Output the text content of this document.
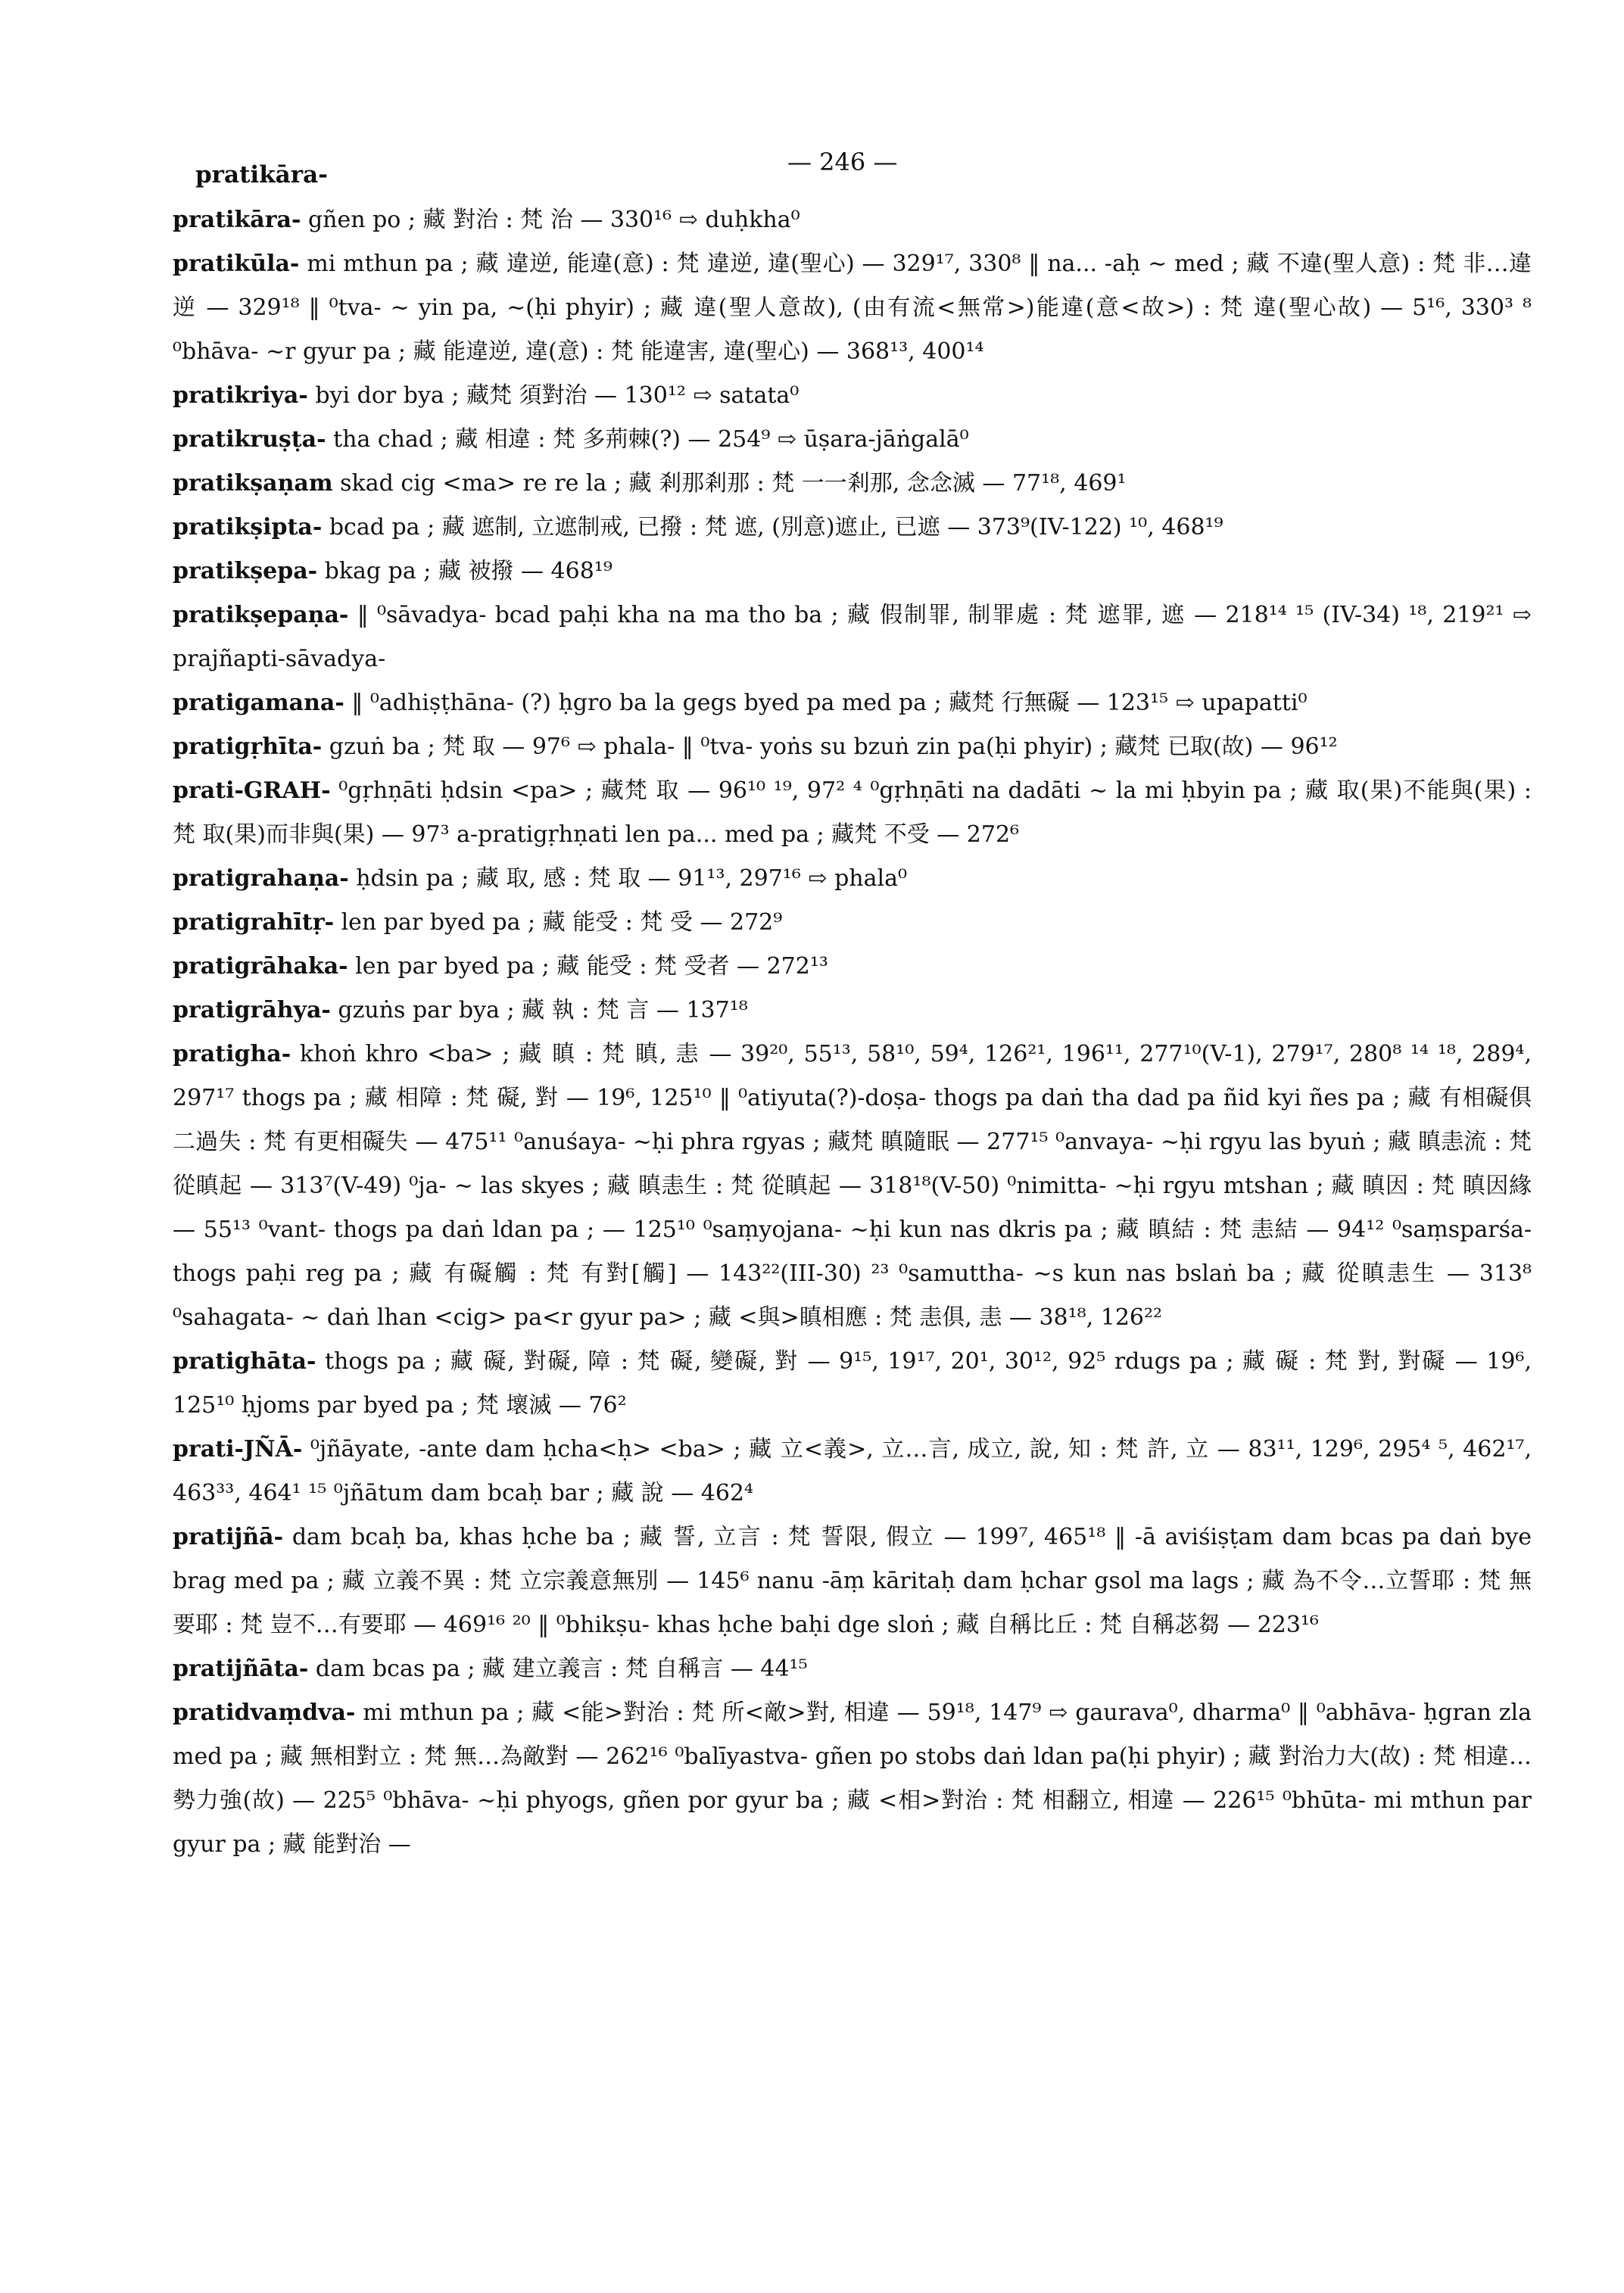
pratikāra-	— 246 —
pratikāra- gñen po ; 藏 對治 : 梵 治 — 330¹⁶ ⇨ duḥkha⁰
pratikūla- mi mthun pa ; 藏 違逆, 能違(意) : 梵 違逆, 違(聖心) — 329¹⁷, 330⁸ ‖ na... -aḥ ~ med ; 藏 不違(聖人意) : 梵 非…違逆 — 329¹⁸ ‖ ⁰tva- ~ yin pa, ~(ḥi phyir) ; 藏 違(聖人意故), (由有流<無常>)能違(意<故>) : 梵 違(聖心故) — 5¹⁶, 330³ ⁸ ⁰bhāva- ~r gyur pa ; 藏 能違逆, 違(意) : 梵 能違害, 違(聖心) — 368¹³, 400¹⁴
pratikriya- byi dor bya ; 藏梵 須對治 — 130¹² ⇨ satata⁰
pratikruṣṭa- tha chad ; 藏 相違 : 梵 多荊棘(?) — 254⁹ ⇨ ūṣara-jāṅgalā⁰
pratikṣaṇam skad cig <ma> re re la ; 藏 剎那剎那 : 梵 一一剎那, 念念滅 — 77¹⁸, 469¹
pratikṣipta- bcad pa ; 藏 遮制, 立遮制戒, 已撥 : 梵 遮, (別意)遮止, 已遮 — 373⁹(IV-122) ¹⁰, 468¹⁹
pratikṣepa- bkag pa ; 藏 被撥 — 468¹⁹
pratikṣepaṇa- ‖ ⁰sāvadya- bcad paḥi kha na ma tho ba ; 藏 假制罪, 制罪處 : 梵 遮罪, 遮 — 218¹⁴ ¹⁵ (IV-34) ¹⁸, 219²¹ ⇨ prajñapti-sāvadya-
pratigamana- ‖ ⁰adhiṣṭhāna- (?) ḥgro ba la gegs byed pa med pa ; 藏梵 行無礙 — 123¹⁵ ⇨ upapatti⁰
pratigṛhīta- gzuṅ ba ; 梵 取 — 97⁶ ⇨ phala- ‖ ⁰tva- yoṅs su bzuṅ zin pa(ḥi phyir) ; 藏梵 已取(故) — 96¹²
prati-GRAH- ⁰gṛhṇāti ḥdsin <pa> ; 藏梵 取 — 96¹⁰ ¹⁹, 97² ⁴ ⁰gṛhṇāti na dadāti ~ la mi ḥbyin pa ; 藏 取(果)不能與(果) : 梵 取(果)而非與(果) — 97³ a-pratigṛhṇati len pa... med pa ; 藏梵 不受 — 272⁶
pratigrahaṇa- ḥdsin pa ; 藏 取, 感 : 梵 取 — 91¹³, 297¹⁶ ⇨ phala⁰
pratigrahītṛ- len par byed pa ; 藏 能受 : 梵 受 — 272⁹
pratigrāhaka- len par byed pa ; 藏 能受 : 梵 受者 — 272¹³
pratigrāhya- gzuṅs par bya ; 藏 執 : 梵 言 — 137¹⁸
pratigha- khoṅ khro <ba> ; 藏 瞋 : 梵 瞋, 恚 — 39²⁰, 55¹³, 58¹⁰, 59⁴, 126²¹, 196¹¹, 277¹⁰(V-1), 279¹⁷, 280⁸ ¹⁴ ¹⁸, 289⁴, 297¹⁷ thogs pa ; 藏 相障 : 梵 礙, 對 — 19⁶, 125¹⁰ ‖ ⁰atiyuta(?)-doṣa- thogs pa daṅ tha dad pa ñid kyi ñes pa ; 藏 有相礙俱二過失 : 梵 有更相礙失 — 475¹¹ ⁰anuśaya- ~ḥi phra rgyas ; 藏梵 瞋隨眠 — 277¹⁵ ⁰anvaya- ~ḥi rgyu las byuṅ ; 藏 瞋恚流 : 梵 從瞋起 — 313⁷(V-49) ⁰ja- ~ las skyes ; 藏 瞋恚生 : 梵 從瞋起 — 318¹⁸(V-50) ⁰nimitta- ~ḥi rgyu mtshan ; 藏 瞋因 : 梵 瞋因緣 — 55¹³ ⁰vant- thogs pa daṅ ldan pa ; — 125¹⁰ ⁰saṃyojana- ~ḥi kun nas dkris pa ; 藏 瞋結 : 梵 恚結 — 94¹² ⁰saṃsparśa- thogs paḥi reg pa ; 藏 有礙觸 : 梵 有對[觸] — 143²²(III-30) ²³ ⁰samuttha- ~s kun nas bslaṅ ba ; 藏 從瞋恚生 — 313⁸ ⁰sahagata- ~ daṅ lhan <cig> pa<r gyur pa> ; 藏 <與>瞋相應 : 梵 恚俱, 恚 — 38¹⁸, 126²²
pratighāta- thogs pa ; 藏 礙, 對礙, 障 : 梵 礙, 變礙, 對 — 9¹⁵, 19¹⁷, 20¹, 30¹², 92⁵ rdugs pa ; 藏 礙 : 梵 對, 對礙 — 19⁶, 125¹⁰ ḥjoms par byed pa ; 梵 壞滅 — 76²
prati-JÑĀ- ⁰jñāyate, -ante dam ḥcha<ḥ> <ba> ; 藏 立<義>, 立…言, 成立, 說, 知 : 梵 許, 立 — 83¹¹, 129⁶, 295⁴ ⁵, 462¹⁷, 463³³, 464¹ ¹⁵ ⁰jñātum dam bcaḥ bar ; 藏 說 — 462⁴
pratijñā- dam bcaḥ ba, khas ḥche ba ; 藏 誓, 立言 : 梵 誓限, 假立 — 199⁷, 465¹⁸ ‖ -ā aviśiṣṭam dam bcas pa daṅ bye brag med pa ; 藏 立義不異 : 梵 立宗義意無別 — 145⁶ nanu -āṃ kāritaḥ dam ḥchar gsol ma lags ; 藏 為不令…立誓耶 : 梵 無要耶 : 梵 豈不…有要耶 — 469¹⁶ ²⁰ ‖ ⁰bhikṣu- khas ḥche baḥi dge sloṅ ; 藏 自稱比丘 : 梵 自稱苾芻 — 223¹⁶
pratijñāta- dam bcas pa ; 藏 建立義言 : 梵 自稱言 — 44¹⁵
pratidvaṃdva- mi mthun pa ; 藏 <能>對治 : 梵 所<敵>對, 相違 — 59¹⁸, 147⁹ ⇨ gaurava⁰, dharma⁰ ‖ ⁰abhāva- ḥgran zla med pa ; 藏 無相對立 : 梵 無…為敵對 — 262¹⁶ ⁰balīyastva- gñen po stobs daṅ ldan pa(ḥi phyir) ; 藏 對治力大(故) : 梵 相違…勢力強(故) — 225⁵ ⁰bhāva- ~ḥi phyogs, gñen por gyur ba ; 藏 <相>對治 : 梵 相翻立, 相違 — 226¹⁵ ⁰bhūta- mi mthun par gyur pa ; 藏 能對治 —
